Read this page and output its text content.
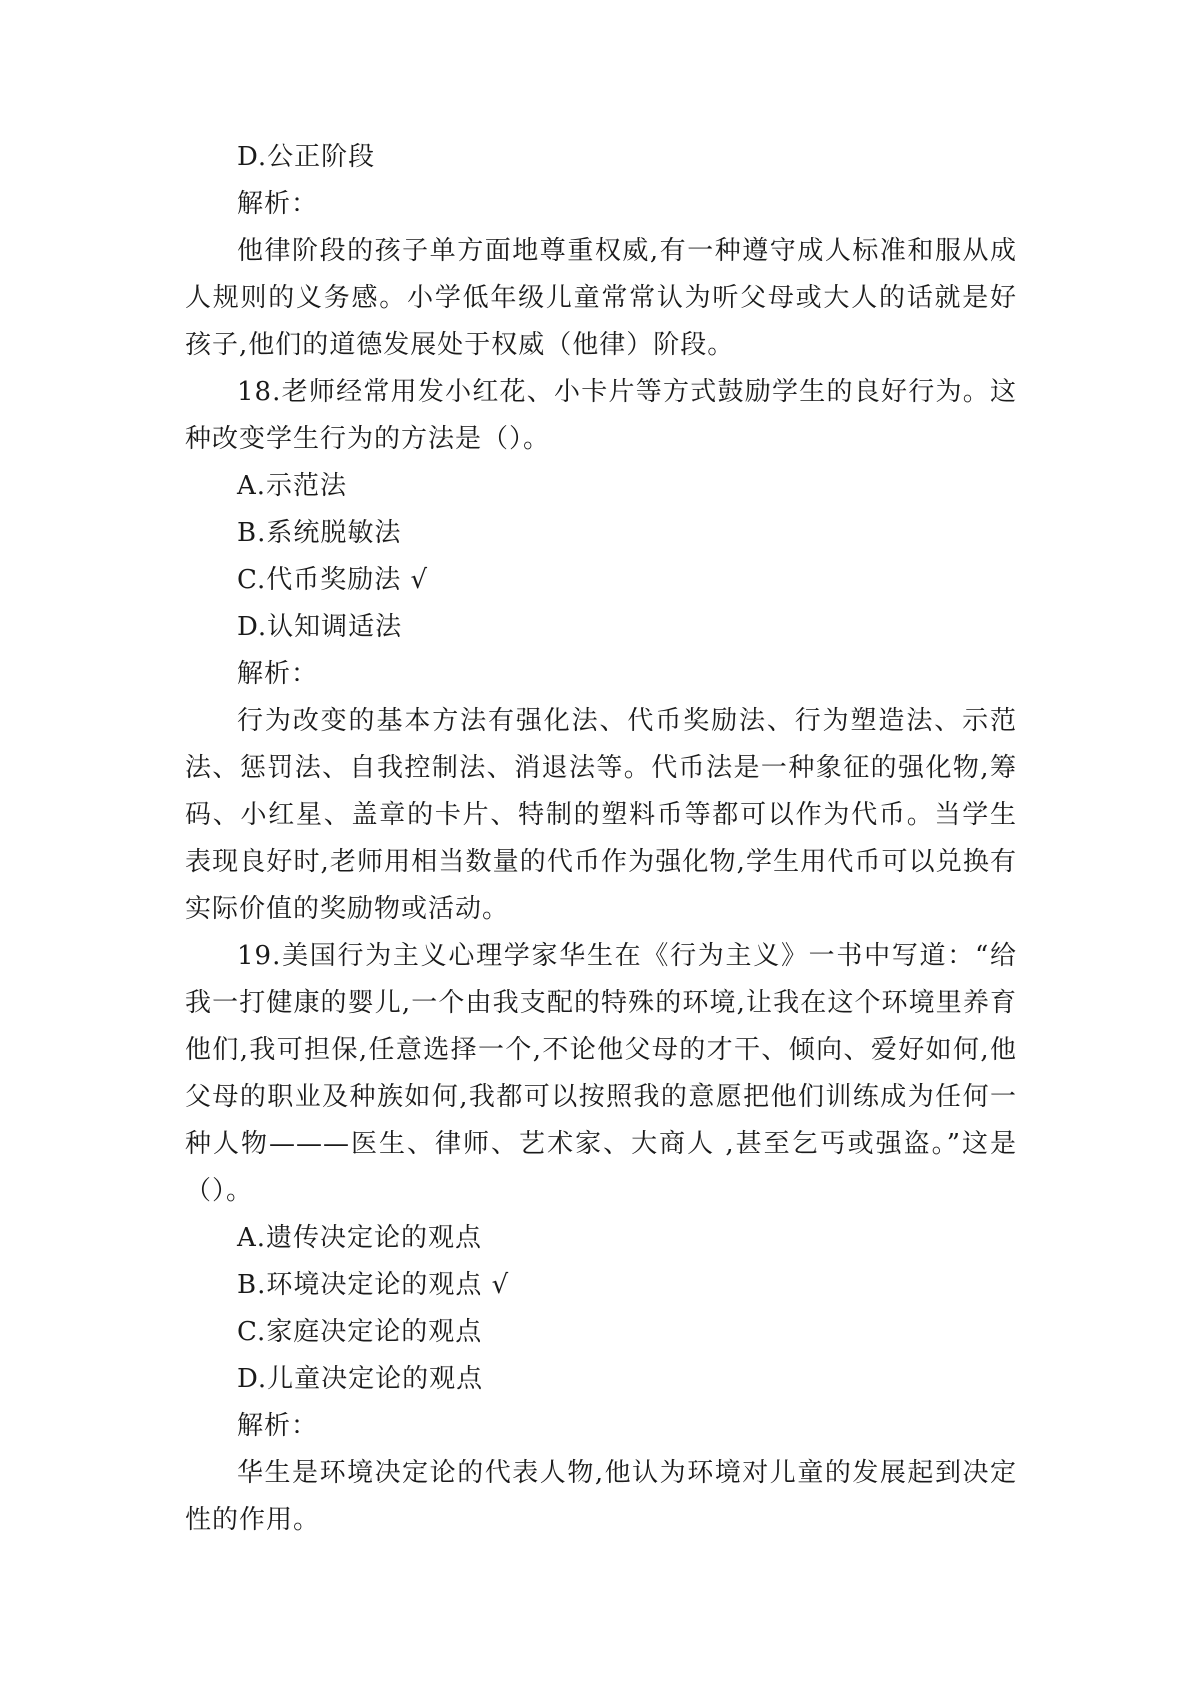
D.公正阶段

解析：

他律阶段的孩子单方面地尊重权威,有一种遵守成人标准和服从成人规则的义务感。小学低年级儿童常常认为听父母或大人的话就是好孩子,他们的道德发展处于权威（他律）阶段。

18.老师经常用发小红花、小卡片等方式鼓励学生的良好行为。这种改变学生行为的方法是（）。

A.示范法

B.系统脱敏法

C.代币奖励法 √

D.认知调适法

解析：

行为改变的基本方法有强化法、代币奖励法、行为塑造法、示范法、惩罚法、自我控制法、消退法等。代币法是一种象征的强化物,筹码、小红星、盖章的卡片、特制的塑料币等都可以作为代币。当学生表现良好时,老师用相当数量的代币作为强化物,学生用代币可以兑换有实际价值的奖励物或活动。

19.美国行为主义心理学家华生在《行为主义》一书中写道：“给我一打健康的婴儿,一个由我支配的特殊的环境,让我在这个环境里养育他们,我可担保,任意选择一个,不论他父母的才干、倾向、爱好如何,他父母的职业及种族如何,我都可以按照我的意愿把他们训练成为任何一种人物———医生、律师、艺术家、大商人 ,甚至乞丐或强盗。”这是（）。

A.遗传决定论的观点

B.环境决定论的观点 √

C.家庭决定论的观点

D.儿童决定论的观点

解析：

华生是环境决定论的代表人物,他认为环境对儿童的发展起到决定性的作用。
